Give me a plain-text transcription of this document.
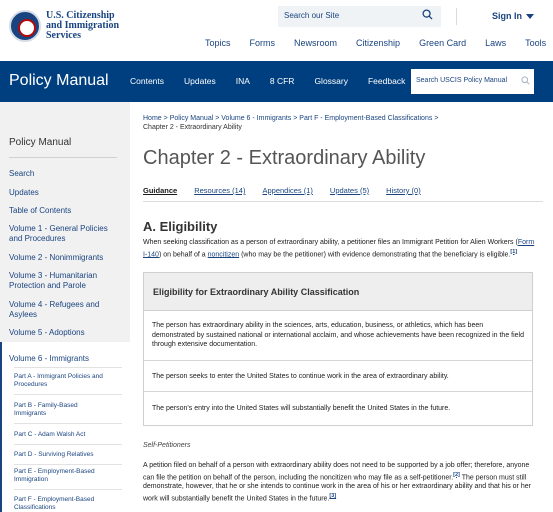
U.S. Citizenship
and Immigration
Services
Search our Site	Sign In
Topics Forms Newsroom Citizenship Green Card Laws Tools
Policy Manual	Contents Updates INA 8 CFR Glossary Feedback Search USCIS Policy Manual
Policy Manual
Search
Updates
Table of Contents
Volume 1 - General Policies and Procedures
Volume 2 - Nonimmigrants
Volume 3 - Humanitarian Protection and Parole
Volume 4 - Refugees and Asylees
Volume 5 - Adoptions
Volume 6 - Immigrants
Part A - Immigrant Policies and Procedures
Part B - Family-Based Immigrants
Part C - Adam Walsh Act
Part D - Surviving Relatives
Part E - Employment-Based Immigration
Part F - Employment-Based Classifications
Home > Policy Manual > Volume 6 - Immigrants > Part F - Employment-Based Classifications > Chapter 2 - Extraordinary Ability
Chapter 2 - Extraordinary Ability
Guidance Resources (14) Appendices (1) Updates (5) History (0)
A. Eligibility

When seeking classification as a person of extraordinary ability, a petitioner files an Immigrant Petition for Alien Workers (Form I-140) on behalf of a noncitizen (who may be the petitioner) with evidence demonstrating that the beneficiary is eligible.[1]

Eligibility for Extraordinary Ability Classification
The person has extraordinary ability in the sciences, arts, education, business, or athletics, which has been demonstrated by sustained national or international acclaim, and whose achievements have been recognized in the field through extensive documentation.
The person seeks to enter the United States to continue work in the area of extraordinary ability.
The person's entry into the United States will substantially benefit the United States in the future.
Self-Petitioners

A petition filed on behalf of a person with extraordinary ability does not need to be supported by a job offer; therefore, anyone can file the petition on behalf of the person, including the noncitizen who may file as a self-petitioner.[2] The person must still demonstrate, however, that he or she intends to continue work in the area of his or her extraordinary ability and that his or her work will substantially benefit the United States in the future.[3]
